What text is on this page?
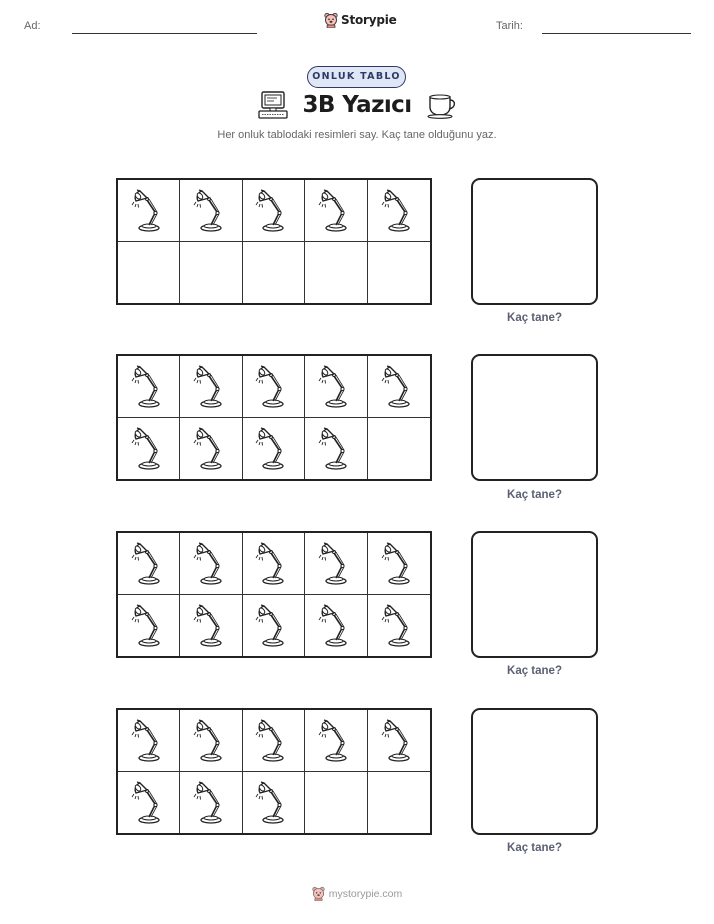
Ad:	Storypie	Tarih:
ONLUK TABLO
3B Yazıcı

Her onluk tablodaki resimleri say. Kaç tane olduğunu yaz.

Kaç tane?
Kaç tane?
Kaç tane?
Kaç tane?
mystorypie.com
